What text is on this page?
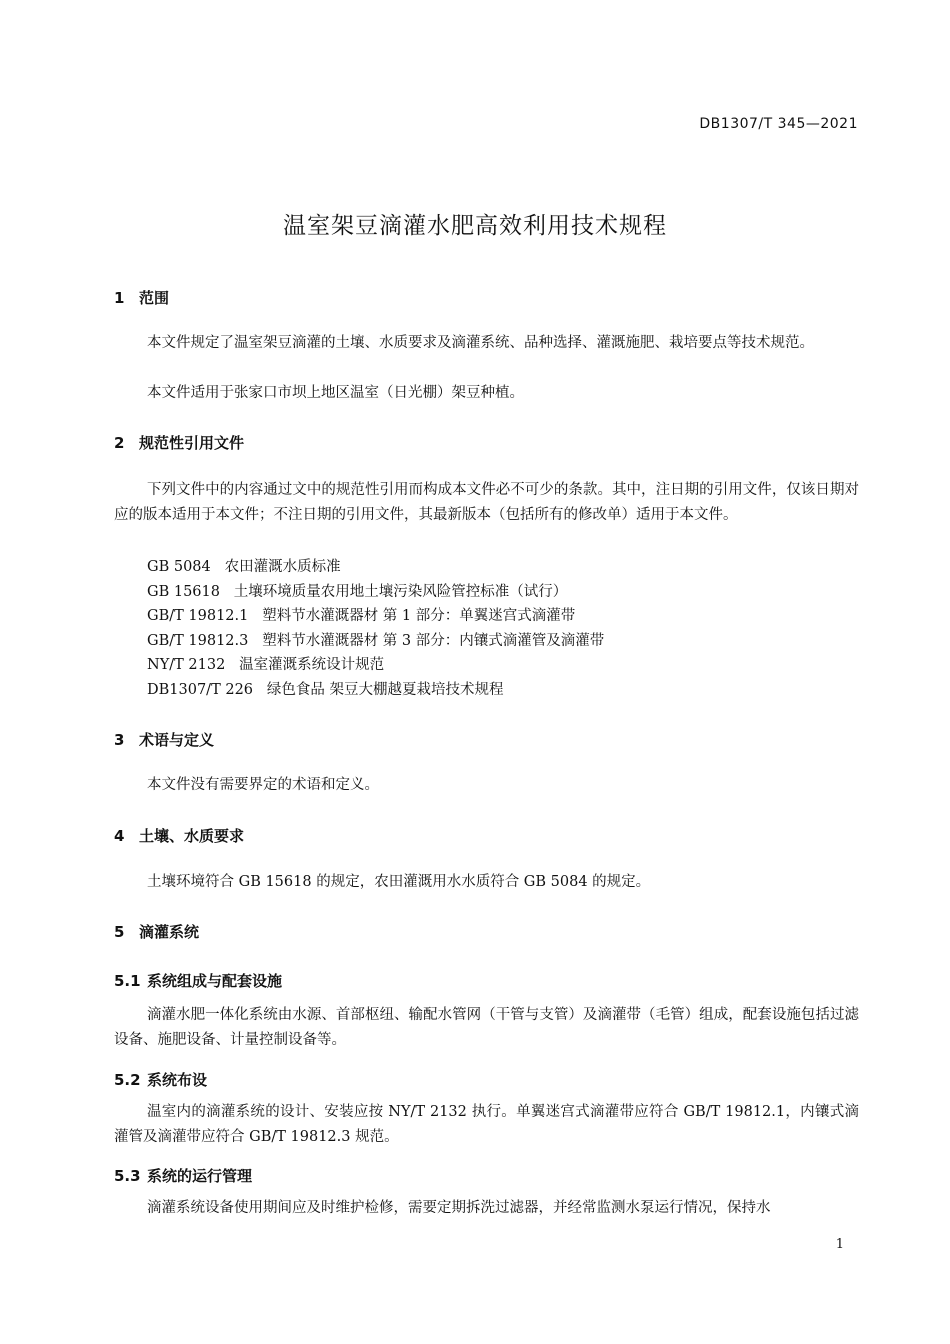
DB1307/T 345—2021
温室架豆滴灌水肥高效利用技术规程
1 范围
本文件规定了温室架豆滴灌的土壤、水质要求及滴灌系统、品种选择、灌溉施肥、栽培要点等技术规范。
本文件适用于张家口市坝上地区温室（日光棚）架豆种植。
2 规范性引用文件
下列文件中的内容通过文中的规范性引用而构成本文件必不可少的条款。其中，注日期的引用文件，仅该日期对应的版本适用于本文件；不注日期的引用文件，其最新版本（包括所有的修改单）适用于本文件。
GB 5084   农田灌溉水质标准
GB 15618   土壤环境质量农用地土壤污染风险管控标准（试行）
GB/T 19812.1   塑料节水灌溉器材 第 1 部分：单翼迷宫式滴灌带
GB/T 19812.3   塑料节水灌溉器材 第 3 部分：内镶式滴灌管及滴灌带
NY/T 2132   温室灌溉系统设计规范
DB1307/T 226   绿色食品 架豆大棚越夏栽培技术规程
3 术语与定义
本文件没有需要界定的术语和定义。
4 土壤、水质要求
土壤环境符合 GB 15618 的规定，农田灌溉用水水质符合 GB 5084 的规定。
5 滴灌系统
5.1 系统组成与配套设施
滴灌水肥一体化系统由水源、首部枢纽、输配水管网（干管与支管）及滴灌带（毛管）组成，配套设施包括过滤设备、施肥设备、计量控制设备等。
5.2 系统布设
温室内的滴灌系统的设计、安装应按 NY/T 2132 执行。单翼迷宫式滴灌带应符合 GB/T 19812.1，内镶式滴灌管及滴灌带应符合 GB/T 19812.3 规范。
5.3 系统的运行管理
滴灌系统设备使用期间应及时维护检修，需要定期拆洗过滤器，并经常监测水泵运行情况，保持水
1
